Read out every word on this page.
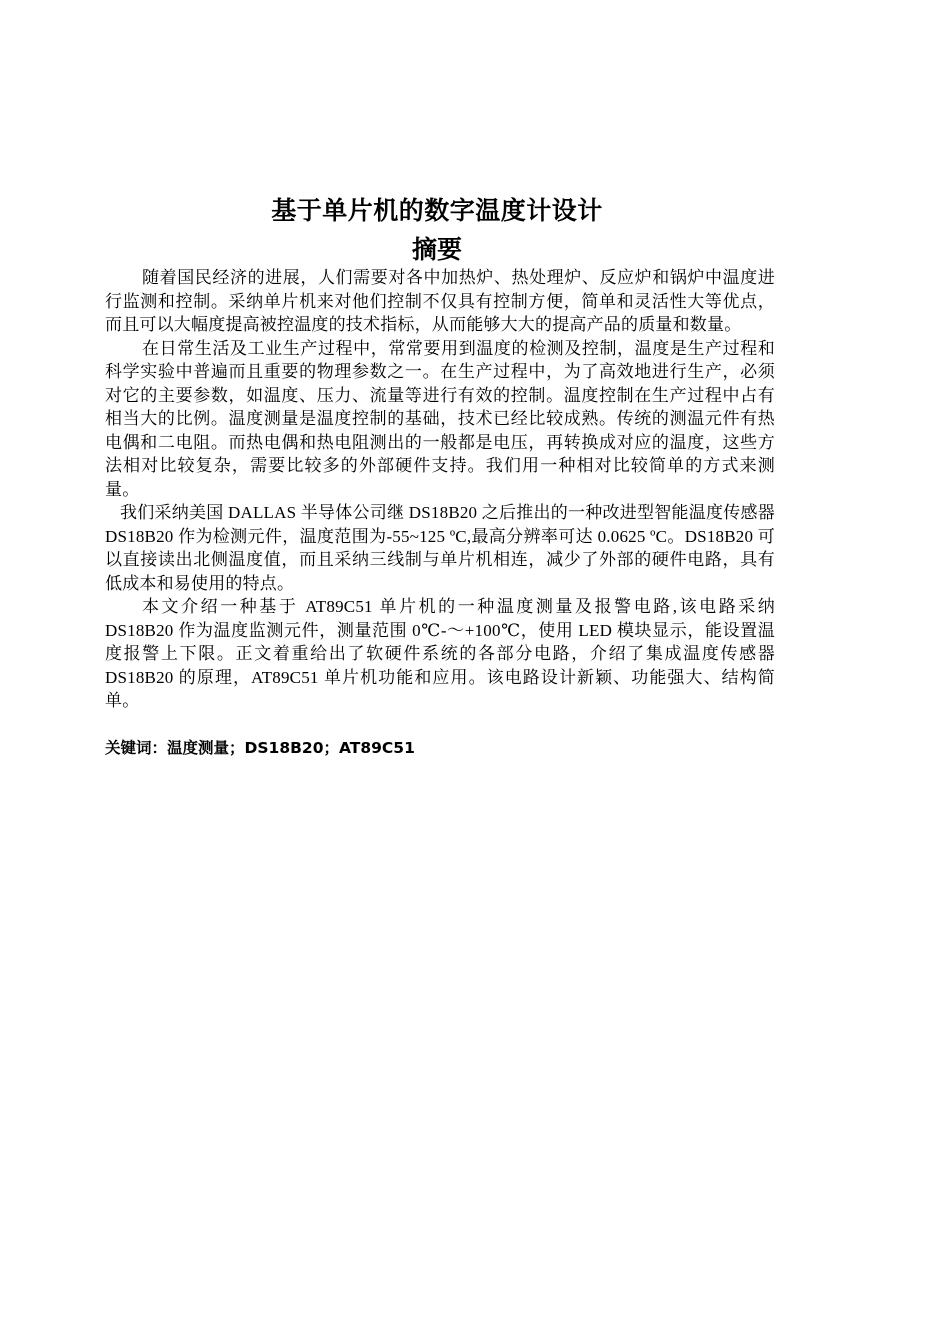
基于单片机的数字温度计设计
摘要

随着国民经济的进展，人们需要对各中加热炉、热处理炉、反应炉和锅炉中温度进行监测和控制。采纳单片机来对他们控制不仅具有控制方便，简单和灵活性大等优点，而且可以大幅度提高被控温度的技术指标，从而能够大大的提高产品的质量和数量。

在日常生活及工业生产过程中，常常要用到温度的检测及控制，温度是生产过程和科学实验中普遍而且重要的物理参数之一。在生产过程中，为了高效地进行生产，必须对它的主要参数，如温度、压力、流量等进行有效的控制。温度控制在生产过程中占有相当大的比例。温度测量是温度控制的基础，技术已经比较成熟。传统的测温元件有热电偶和二电阻。而热电偶和热电阻测出的一般都是电压，再转换成对应的温度，这些方法相对比较复杂，需要比较多的外部硬件支持。我们用一种相对比较简单的方式来测量。

我们采纳美国 DALLAS 半导体公司继 DS18B20 之后推出的一种改进型智能温度传感器 DS18B20 作为检测元件，温度范围为-55~125 ºC,最高分辨率可达 0.0625 ºC。DS18B20 可以直接读出北侧温度值，而且采纳三线制与单片机相连，减少了外部的硬件电路，具有低成本和易使用的特点。

本文介绍一种基于 AT89C51 单片机的一种温度测量及报警电路,该电路采纳 DS18B20 作为温度监测元件，测量范围 0℃-～+100℃，使用 LED 模块显示，能设置温度报警上下限。正文着重给出了软硬件系统的各部分电路，介绍了集成温度传感器 DS18B20 的原理，AT89C51 单片机功能和应用。该电路设计新颖、功能强大、结构简单。

关键词：温度测量；DS18B20；AT89C51
